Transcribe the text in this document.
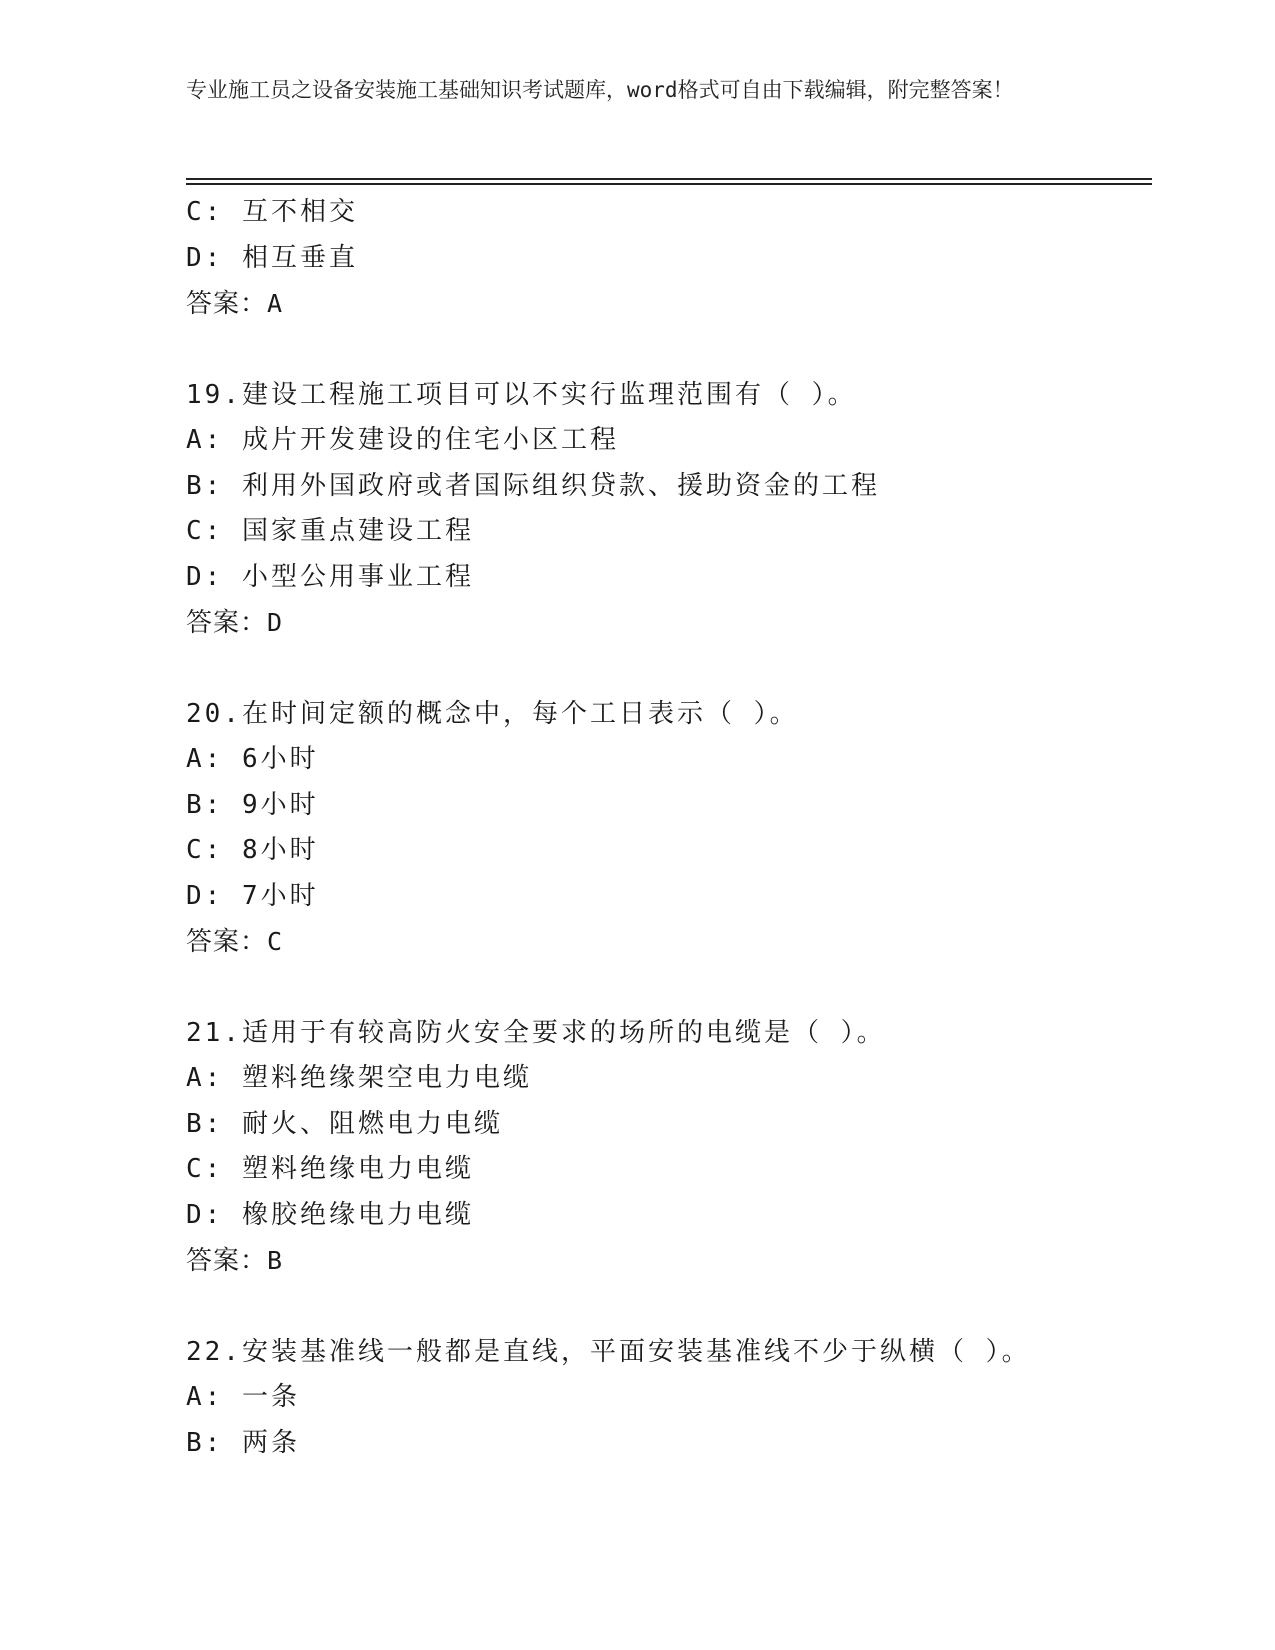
专业施工员之设备安装施工基础知识考试题库，word格式可自由下载编辑，附完整答案！
C: 互不相交
D: 相互垂直
答案：A
19.建设工程施工项目可以不实行监理范围有（ ）。
A: 成片开发建设的住宅小区工程
B: 利用外国政府或者国际组织贷款、援助资金的工程
C: 国家重点建设工程
D: 小型公用事业工程
答案：D
20.在时间定额的概念中，每个工日表示（ ）。
A: 6小时
B: 9小时
C: 8小时
D: 7小时
答案：C
21.适用于有较高防火安全要求的场所的电缆是（ ）。
A: 塑料绝缘架空电力电缆
B: 耐火、阻燃电力电缆
C: 塑料绝缘电力电缆
D: 橡胶绝缘电力电缆
答案：B
22.安装基准线一般都是直线，平面安装基准线不少于纵横（ ）。
A: 一条
B: 两条
